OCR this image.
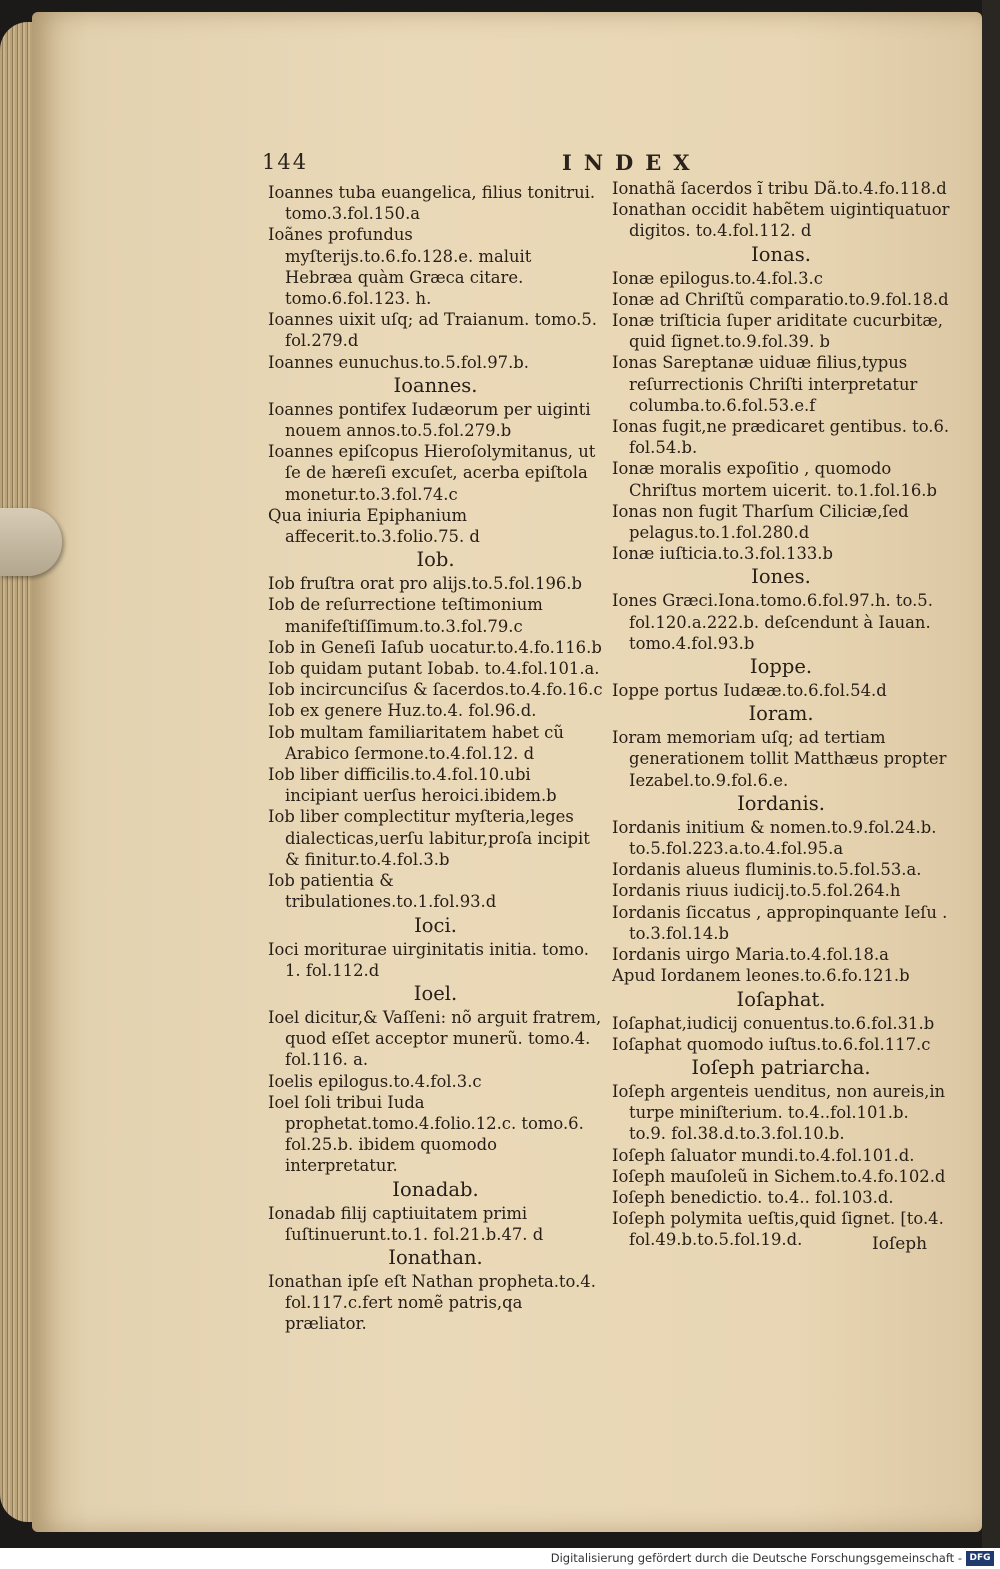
144	INDEX
Ioannes tuba euangelica, filius tonitrui. tomo.3.fol.150.a
Ioãnes profundus myſterijs.to.6.fo.128.e. maluit Hebræa quàm Græca citare. tomo.6.fol.123. h.
Ioannes uixit uſq; ad Traianum. tomo.5. fol.279.d
Ioannes eunuchus.to.5.fol.97.b.
Ioannes.
Ioannes pontifex Iudæorum per uiginti nouem annos.to.5.fol.279.b
Ioannes epiſcopus Hieroſolymitanus, ut ſe de hæreſi excuſet, acerba epiſtola monetur.to.3.fol.74.c
Qua iniuria Epiphanium affecerit.to.3.folio.75. d
Iob.
Iob fruſtra orat pro alijs.to.5.fol.196.b
Iob de reſurrectione teſtimonium manifeſtiſſimum.to.3.fol.79.c
Iob in Geneſi Iaſub uocatur.to.4.fo.116.b
Iob quidam putant Iobab. to.4.fol.101.a.
Iob incircunciſus & ſacerdos.to.4.fo.16.c
Iob ex genere Huz.to.4. fol.96.d.
Iob multam familiaritatem habet cũ Arabico ſermone.to.4.fol.12. d
Iob liber difficilis.to.4.fol.10.ubi incipiant uerſus heroici.ibidem.b
Iob liber complectitur myſteria,leges dialecticas,uerſu labitur,proſa incipit & finitur.to.4.fol.3.b
Iob patientia & tribulationes.to.1.fol.93.d
Ioci.
Ioci moriturae uirginitatis initia. tomo. 1. fol.112.d
Ioel.
Ioel dicitur,& Vaſſeni: nõ arguit fratrem, quod eſſet acceptor munerũ. tomo.4. fol.116. a.
Ioelis epilogus.to.4.fol.3.c
Ioel ſoli tribui Iuda prophetat.tomo.4.folio.12.c. tomo.6. fol.25.b. ibidem quomodo interpretatur.
Ionadab.
Ionadab filij captiuitatem primi ſuſtinuerunt.to.1. fol.21.b.47. d
Ionathan.
Ionathan ipſe eſt Nathan propheta.to.4. fol.117.c.fert nomẽ patris,qa præliator.
Ionathã ſacerdos ĩ tribu Dã.to.4.fo.118.d
Ionathan occidit habẽtem uigintiquatuor digitos. to.4.fol.112. d
Ionas.
Ionæ epilogus.to.4.fol.3.c
Ionæ ad Chriſtũ comparatio.to.9.fol.18.d
Ionæ triſticia ſuper ariditate cucurbitæ, quid ſignet.to.9.fol.39. b
Ionas Sareptanæ uiduæ filius,typus reſurrectionis Chriſti interpretatur columba.to.6.fol.53.e.f
Ionas fugit,ne prædicaret gentibus. to.6. fol.54.b.
Ionæ moralis expoſitio , quomodo Chriſtus mortem uicerit. to.1.fol.16.b
Ionas non fugit Tharſum Ciliciæ,ſed pelagus.to.1.fol.280.d
Ionæ iuſticia.to.3.fol.133.b
Iones.
Iones Græci.Iona.tomo.6.fol.97.h. to.5. fol.120.a.222.b. deſcendunt à Iauan. tomo.4.fol.93.b
Ioppe.
Ioppe portus Iudææ.to.6.fol.54.d
Ioram.
Ioram memoriam uſq; ad tertiam generationem tollit Matthæus propter Iezabel.to.9.fol.6.e.
Iordanis.
Iordanis initium & nomen.to.9.fol.24.b. to.5.fol.223.a.to.4.fol.95.a
Iordanis alueus fluminis.to.5.fol.53.a.
Iordanis riuus iudicij.to.5.fol.264.h
Iordanis ſiccatus , appropinquante Ieſu . to.3.fol.14.b
Iordanis uirgo Maria.to.4.fol.18.a
Apud Iordanem leones.to.6.fo.121.b
Ioſaphat.
Ioſaphat,iudicij conuentus.to.6.fol.31.b
Ioſaphat quomodo iuſtus.to.6.fol.117.c
Ioſeph patriarcha.
Ioſeph argenteis uenditus, non aureis,in turpe miniſterium. to.4..fol.101.b. to.9. fol.38.d.to.3.fol.10.b.
Ioſeph ſaluator mundi.to.4.fol.101.d.
Ioſeph mauſoleũ in Sichem.to.4.fo.102.d
Ioſeph benedictio. to.4.. fol.103.d.
Ioſeph polymita ueſtis,quid ſignet. [to.4. fol.49.b.to.5.fol.19.d.	Ioſeph
Digitalisierung gefördert durch die Deutsche Forschungsgemeinschaft - DFG
